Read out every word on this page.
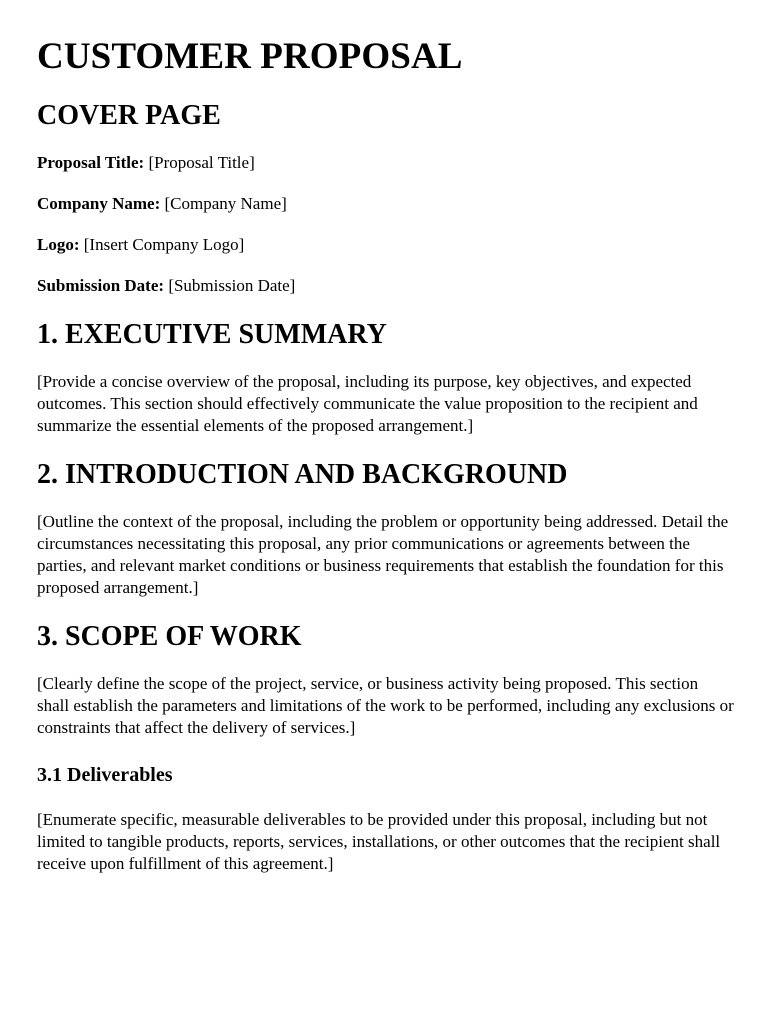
CUSTOMER PROPOSAL
COVER PAGE
Proposal Title: [Proposal Title]
Company Name: [Company Name]
Logo: [Insert Company Logo]
Submission Date: [Submission Date]
1. EXECUTIVE SUMMARY

[Provide a concise overview of the proposal, including its purpose, key objectives, and expected outcomes. This section should effectively communicate the value proposition to the recipient and summarize the essential elements of the proposed arrangement.]

2. INTRODUCTION AND BACKGROUND

[Outline the context of the proposal, including the problem or opportunity being addressed. Detail the circumstances necessitating this proposal, any prior communications or agreements between the parties, and relevant market conditions or business requirements that establish the foundation for this proposed arrangement.]

3. SCOPE OF WORK

[Clearly define the scope of the project, service, or business activity being proposed. This section shall establish the parameters and limitations of the work to be performed, including any exclusions or constraints that affect the delivery of services.]

3.1 Deliverables

[Enumerate specific, measurable deliverables to be provided under this proposal, including but not limited to tangible products, reports, services, installations, or other outcomes that the recipient shall receive upon fulfillment of this agreement.]
